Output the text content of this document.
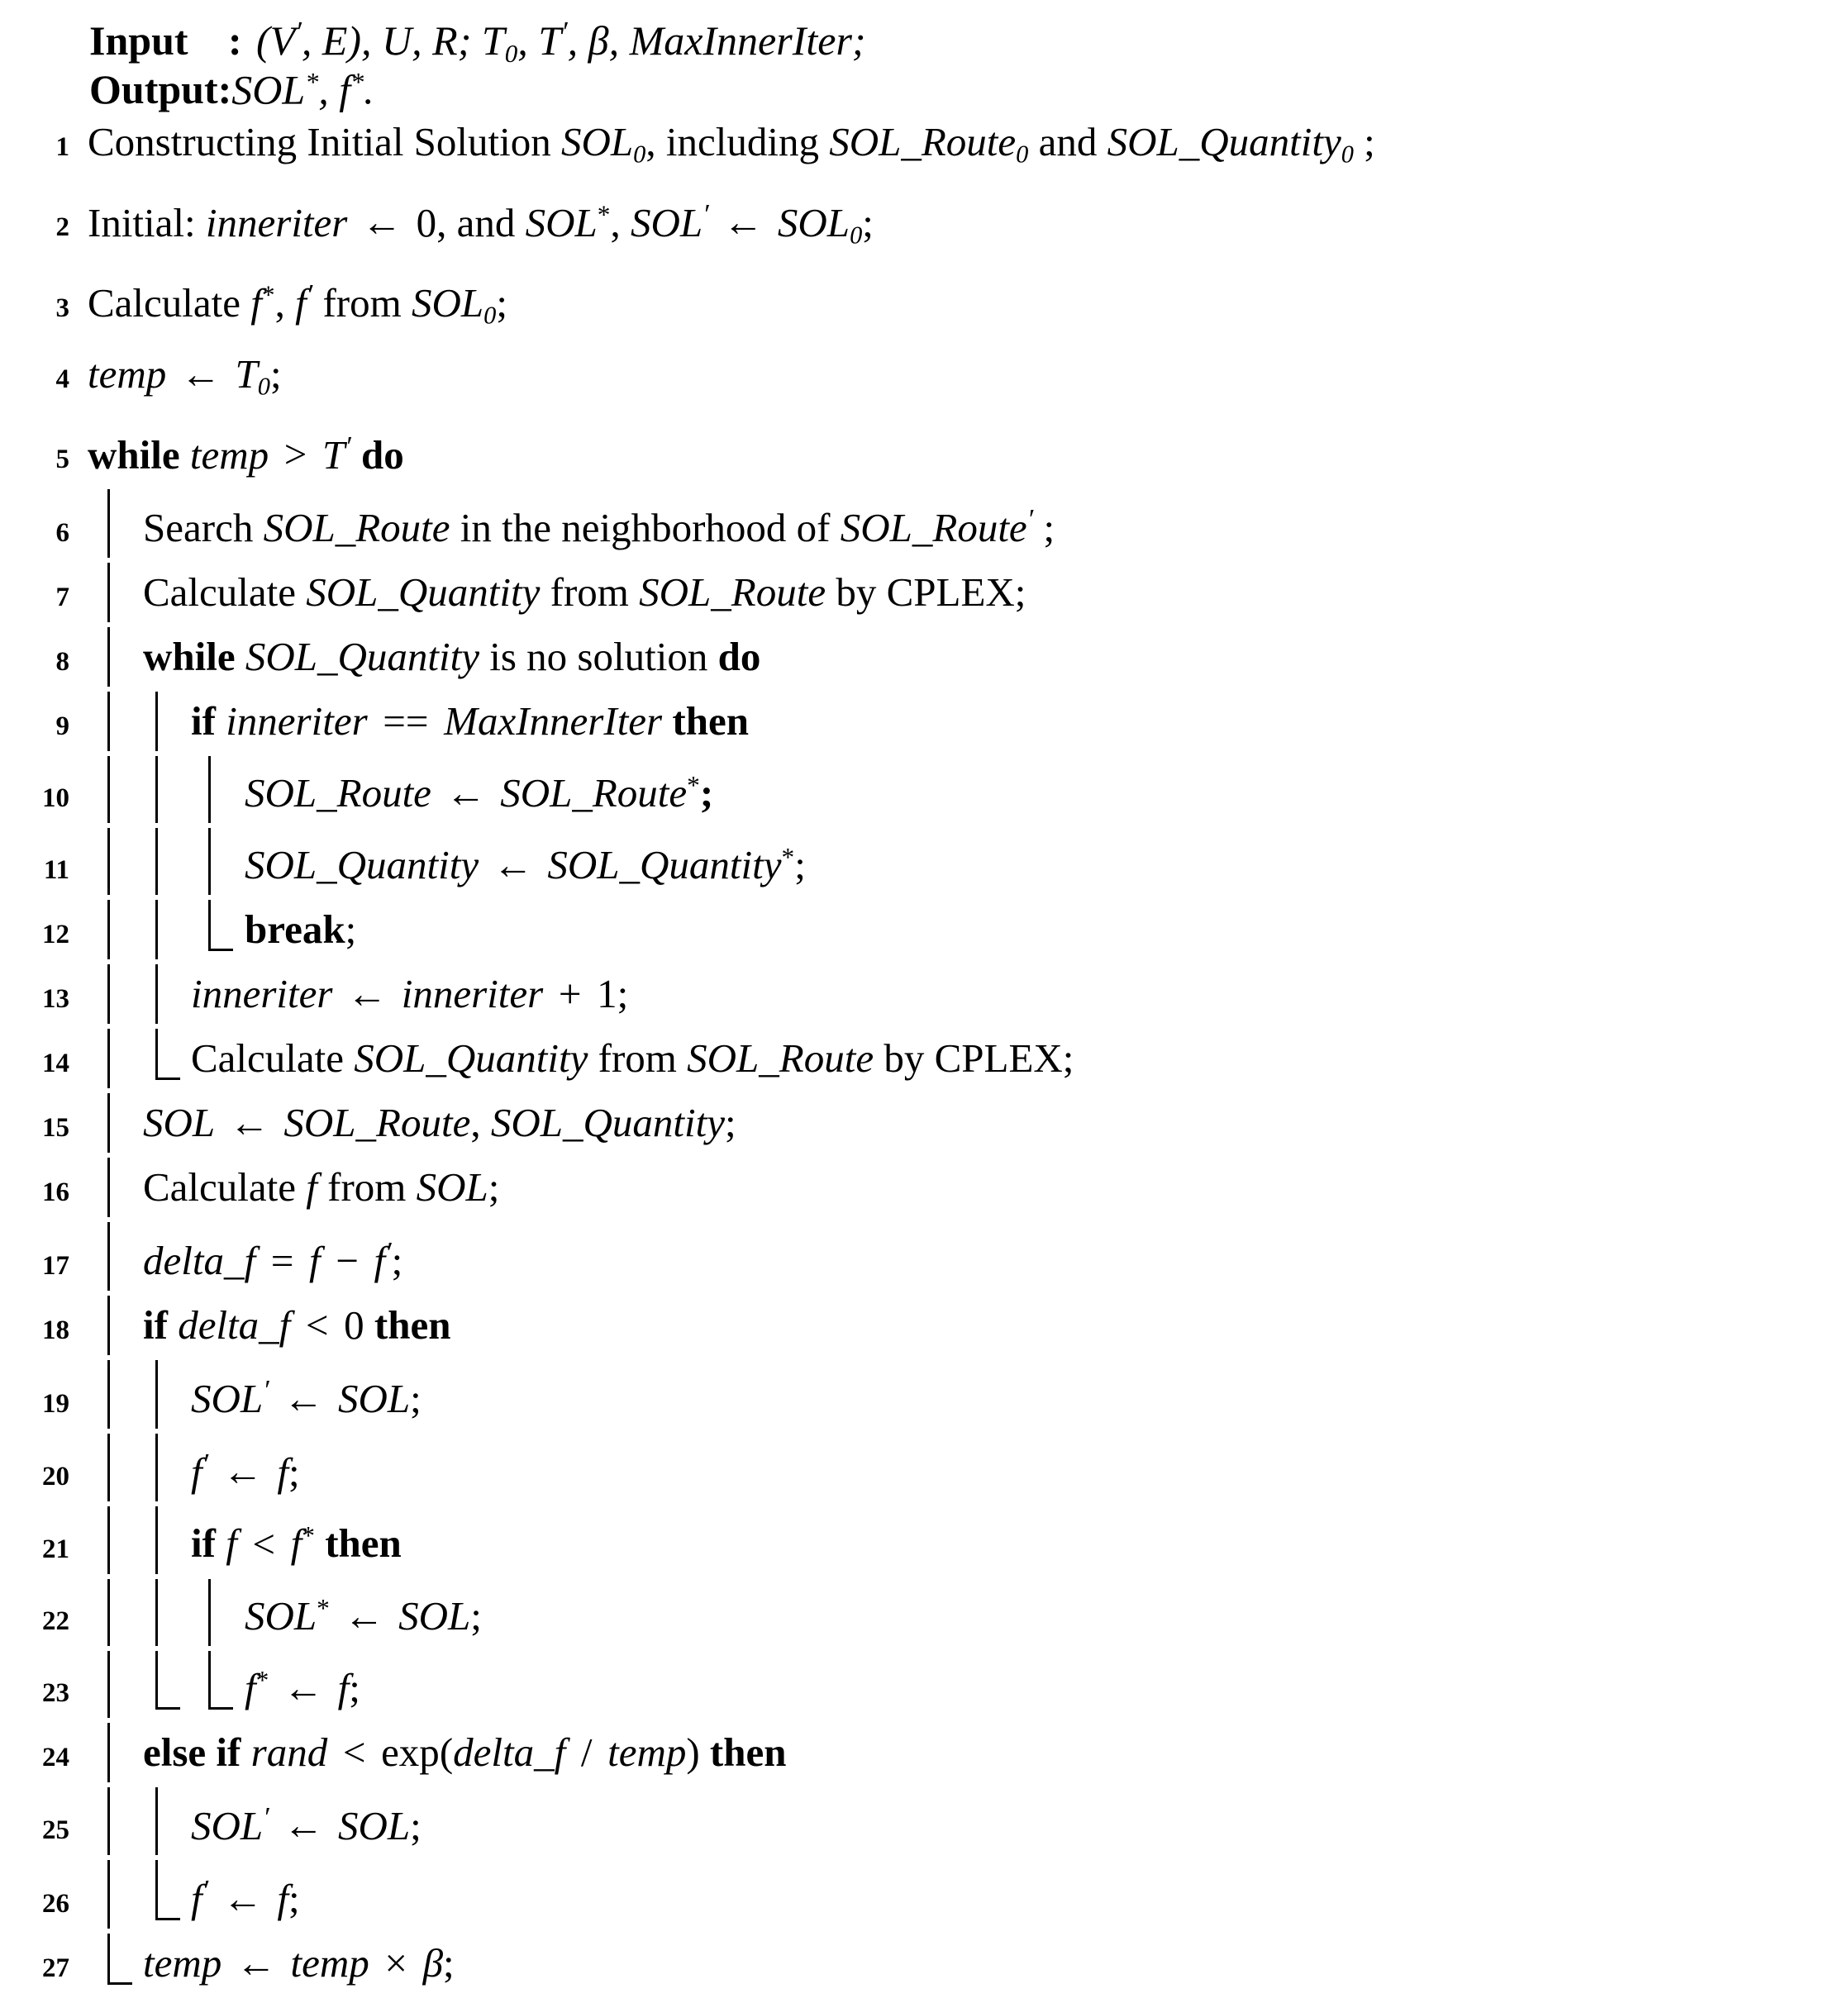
Input : (V′, E), U, R; $T_0$, T′, β, MaxInnerIter;
Output: SOL*, f*.
1 Constructing Initial Solution $SOL_0$, including SOL_Route$_0$ and SOL_Quantity$_0$ ;
2 Initial: inneriter ← 0, and SOL*, SOL′ ← $SOL_0$;
3 Calculate f*, f′ from $SOL_0$;
4 temp ← $T_0$;
5 while temp > T′ do
6	Search SOL_Route in the neighborhood of SOL_Route′ ;
7	Calculate SOL_Quantity from SOL_Route by CPLEX;
8	while SOL_Quantity is no solution do
9	if inneriter == MaxInnerIter then
10	SOL_Route ← SOL_Route*;
11	SOL_Quantity ← SOL_Quantity*;
12	break;
13	inneriter ← inneriter + 1;
14	Calculate SOL_Quantity from SOL_Route by CPLEX;
15	SOL ← SOL_Route, SOL_Quantity;
16	Calculate f from SOL;
17	delta_f = f − f′;
18	if delta_f < 0 then
19	SOL′ ← SOL;
20	f′ ← f;
21	if f < f* then
22	SOL* ← SOL;
23	f* ← f;
24	else if rand < exp(delta_f / temp) then
25	SOL′ ← SOL;
26	f′ ← f;
27	temp ← temp × β;
